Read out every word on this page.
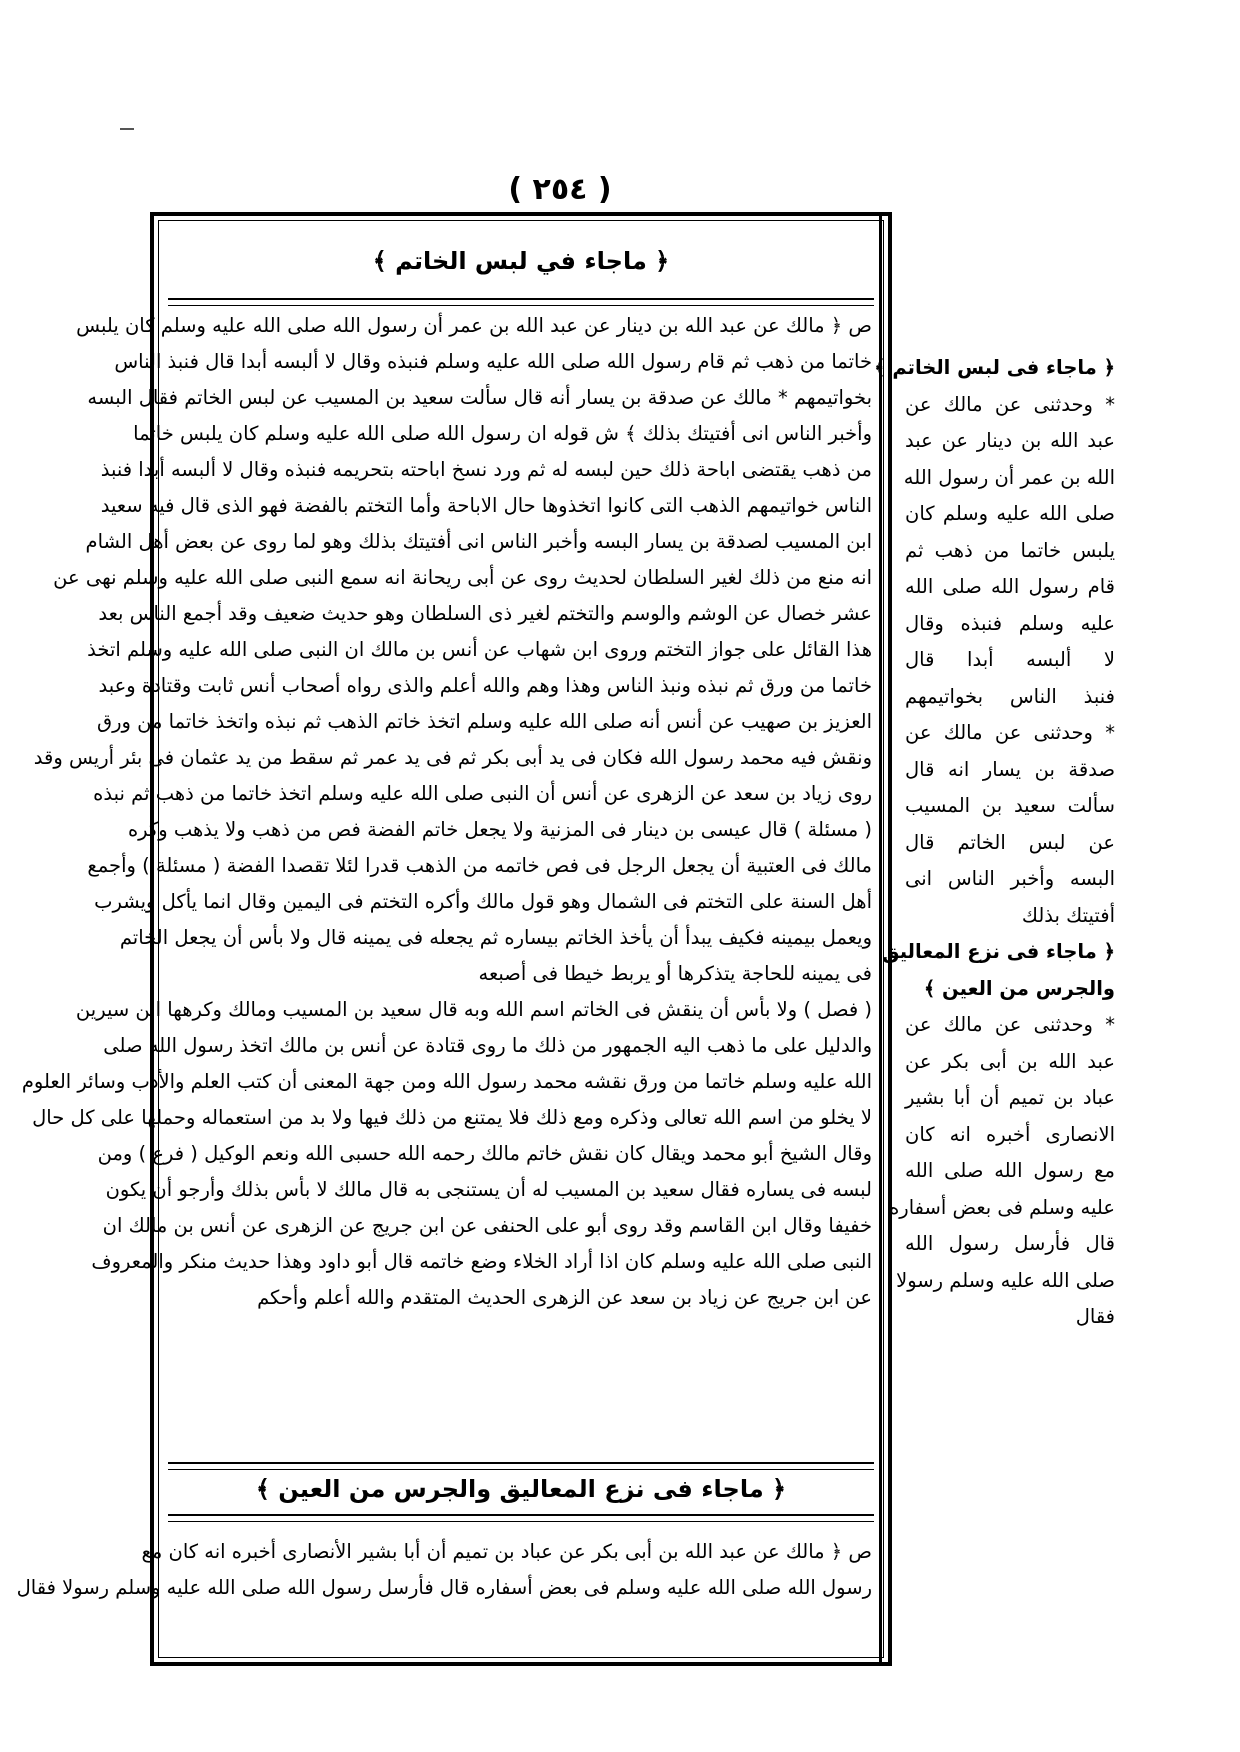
( ٢٥٤ )
﴿ ماجاء في لبس الخاتم ﴾
ص ﴿ مالك عن عبد الله بن دينار عن عبد الله بن عمر أن رسول الله صلى الله عليه وسلم كان يلبس
خاتما من ذهب ثم قام رسول الله صلى الله عليه وسلم فنبذه وقال لا ألبسه أبدا قال فنبذ الناس
بخواتيمهم * مالك عن صدقة بن يسار أنه قال سألت سعيد بن المسيب عن لبس الخاتم فقال البسه
وأخبر الناس انى أفتيتك بذلك ﴾ ش قوله ان رسول الله صلى الله عليه وسلم كان يلبس خاتما
من ذهب يقتضى اباحة ذلك حين لبسه له ثم ورد نسخ اباحته بتحريمه فنبذه وقال لا ألبسه أبدا فنبذ
الناس خواتيمهم الذهب التى كانوا اتخذوها حال الاباحة وأما التختم بالفضة فهو الذى قال فيه سعيد
ابن المسيب لصدقة بن يسار البسه وأخبر الناس انى أفتيتك بذلك وهو لما روى عن بعض أهل الشام
انه منع من ذلك لغير السلطان لحديث روى عن أبى ريحانة انه سمع النبى صلى الله عليه وسلم نهى عن
عشر خصال عن الوشم والوسم والتختم لغير ذى السلطان وهو حديث ضعيف وقد أجمع الناس بعد
هذا القائل على جواز التختم وروى ابن شهاب عن أنس بن مالك ان النبى صلى الله عليه وسلم اتخذ
خاتما من ورق ثم نبذه ونبذ الناس وهذا وهم والله أعلم والذى رواه أصحاب أنس ثابت وقتادة وعبد
العزيز بن صهيب عن أنس أنه صلى الله عليه وسلم اتخذ خاتم الذهب ثم نبذه واتخذ خاتما من ورق
ونقش فيه محمد رسول الله فكان فى يد أبى بكر ثم فى يد عمر ثم سقط من يد عثمان فى بئر أريس وقد
روى زياد بن سعد عن الزهرى عن أنس أن النبى صلى الله عليه وسلم اتخذ خاتما من ذهب ثم نبذه
( مسئلة ) قال عيسى بن دينار فى المزنية ولا يجعل خاتم الفضة فص من ذهب ولا يذهب وكره
مالك فى العتبية أن يجعل الرجل فى فص خاتمه من الذهب قدرا لئلا تقصدا الفضة ( مسئلة ) وأجمع
أهل السنة على التختم فى الشمال وهو قول مالك وأكره التختم فى اليمين وقال انما يأكل ويشرب
ويعمل بيمينه فكيف يبدأ أن يأخذ الخاتم بيساره ثم يجعله فى يمينه قال ولا بأس أن يجعل الخاتم
فى يمينه للحاجة يتذكرها أو يربط خيطا فى أصبعه
( فصل ) ولا بأس أن ينقش فى الخاتم اسم الله وبه قال سعيد بن المسيب ومالك وكرهها ابن سيرين
والدليل على ما ذهب اليه الجمهور من ذلك ما روى قتادة عن أنس بن مالك اتخذ رسول الله صلى
الله عليه وسلم خاتما من ورق نقشه محمد رسول الله ومن جهة المعنى أن كتب العلم والأدب وسائر العلوم
لا يخلو من اسم الله تعالى وذكره ومع ذلك فلا يمتنع من ذلك فيها ولا بد من استعماله وحملها على كل حال
وقال الشيخ أبو محمد ويقال كان نقش خاتم مالك رحمه الله حسبى الله ونعم الوكيل ( فرع ) ومن
لبسه فى يساره فقال سعيد بن المسيب له أن يستنجى به قال مالك لا بأس بذلك وأرجو أن يكون
خفيفا وقال ابن القاسم وقد روى أبو على الحنفى عن ابن جريج عن الزهرى عن أنس بن مالك ان
النبى صلى الله عليه وسلم كان اذا أراد الخلاء وضع خاتمه قال أبو داود وهذا حديث منكر والمعروف
عن ابن جريج عن زياد بن سعد عن الزهرى الحديث المتقدم والله أعلم وأحكم
﴿ ماجاء فى نزع المعاليق والجرس من العين ﴾
ص ﴿ مالك عن عبد الله بن أبى بكر عن عباد بن تميم أن أبا بشير الأنصارى أخبره انه كان مع
رسول الله صلى الله عليه وسلم فى بعض أسفاره قال فأرسل رسول الله صلى الله عليه وسلم رسولا فقال
﴿ ماجاء فى لبس الخاتم ﴾
* وحدثنى عن مالك عن
عبد الله بن دينار عن عبد
الله بن عمر أن رسول الله
صلى الله عليه وسلم كان
يلبس خاتما من ذهب ثم
قام رسول الله صلى الله
عليه وسلم فنبذه وقال
لا ألبسه أبدا قال
فنبذ الناس بخواتيمهم
* وحدثنى عن مالك عن
صدقة بن يسار انه قال
سألت سعيد بن المسيب
عن لبس الخاتم قال
البسه وأخبر الناس انى
أفتيتك بذلك
﴿ ماجاء فى نزع المعاليق
والجرس من العين ﴾
* وحدثنى عن مالك عن
عبد الله بن أبى بكر عن
عباد بن تميم أن أبا بشير
الانصارى أخبره انه كان
مع رسول الله صلى الله
عليه وسلم فى بعض أسفاره
قال فأرسل رسول الله
صلى الله عليه وسلم رسولا
فقال
